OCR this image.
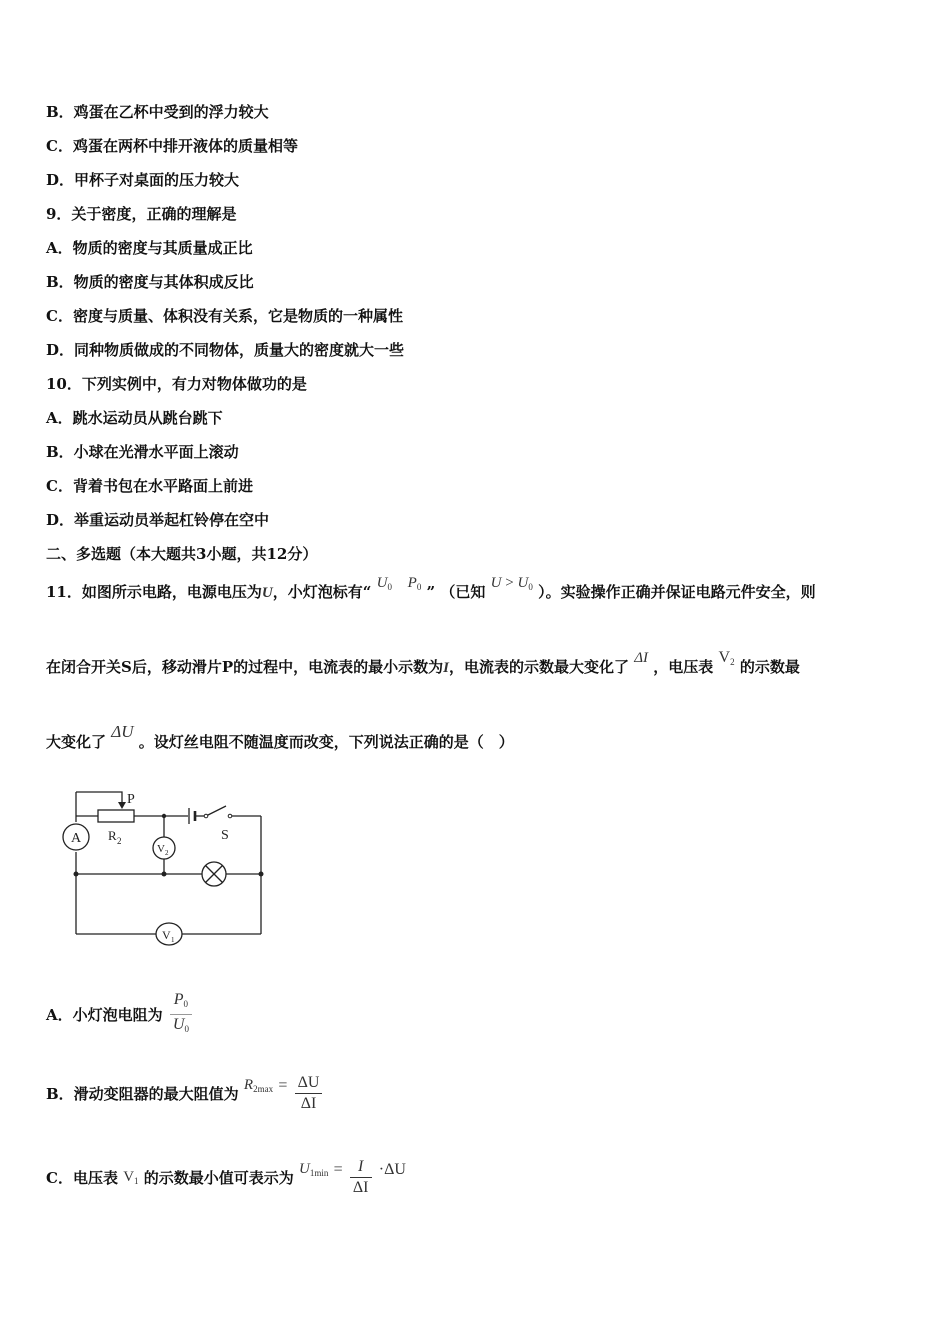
B．鸡蛋在乙杯中受到的浮力较大
C．鸡蛋在两杯中排开液体的质量相等
D．甲杯子对桌面的压力较大
9．关于密度，正确的理解是
A．物质的密度与其质量成正比
B．物质的密度与其体积成反比
C．密度与质量、体积没有关系，它是物质的一种属性
D．同种物质做成的不同物体，质量大的密度就大一些
10．下列实例中，有力对物体做功的是
A．跳水运动员从跳台跳下
B．小球在光滑水平面上滚动
C．背着书包在水平路面上前进
D．举重运动员举起杠铃停在空中
二、多选题（本大题共3小题，共12分）
11．如图所示电路，电源电压为U，小灯泡标有“ $U_0$ $P_0$ ” （已知 $U > U_0$ ）。实验操作正确并保证电路元件安全，则
在闭合开关S后，移动滑片P的过程中，电流表的最小示数为I，电流表的示数最大变化了 ΔI ，电压表 $V_2$ 的示数最
大变化了 ΔU 。设灯丝电阻不随温度而改变，下列说法正确的是（　）
A
P
R 2
V 2
S
V 1
A．小灯泡电阻为 $\frac{P_0}{U_0}$
B．滑动变阻器的最大阻值为 $R_{2max} = \frac{\Delta U}{\Delta I}$
C．电压表 $V_1$ 的示数最小值可表示为 $U_{1min} = \frac{I}{\Delta I} \cdot\Delta U$
